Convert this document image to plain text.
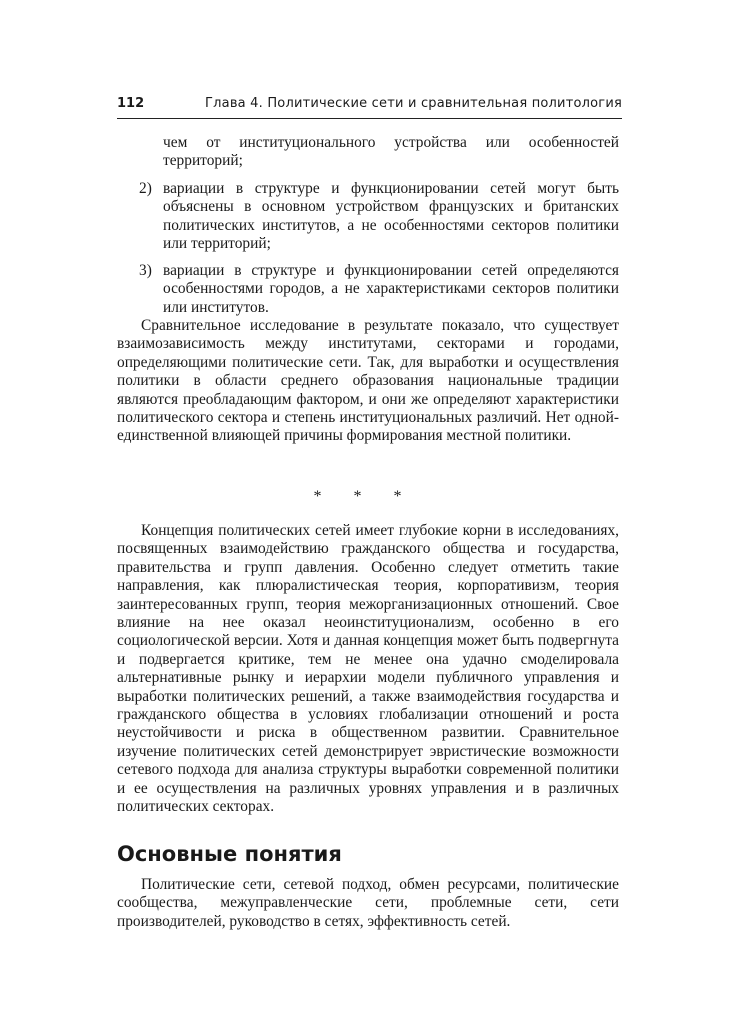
112	Глава 4. Политические сети и сравнительная политология
чем от институционального устройства или особенностей территорий;
2) вариации в структуре и функционировании сетей могут быть объяснены в основном устройством французских и британских политических институтов, а не особенностями секторов политики или территорий;
3) вариации в структуре и функционировании сетей определяются особенностями городов, а не характеристиками секторов политики или институтов.
Сравнительное исследование в результате показало, что существует взаимозависимость между институтами, секторами и городами, определяющими политические сети. Так, для выработки и осуществления политики в области среднего образования национальные традиции являются преобладающим фактором, и они же определяют характеристики политического сектора и степень институциональных различий. Нет одной-единственной влияющей причины формирования местной политики.
* * *
Концепция политических сетей имеет глубокие корни в исследованиях, посвященных взаимодействию гражданского общества и государства, правительства и групп давления. Особенно следует отметить такие направления, как плюралистическая теория, корпоративизм, теория заинтересованных групп, теория межорганизационных отношений. Свое влияние на нее оказал неоинституционализм, особенно в его социологической версии. Хотя и данная концепция может быть подвергнута и подвергается критике, тем не менее она удачно смоделировала альтернативные рынку и иерархии модели публичного управления и выработки политических решений, а также взаимодействия государства и гражданского общества в условиях глобализации отношений и роста неустойчивости и риска в общественном развитии. Сравнительное изучение политических сетей демонстрирует эвристические возможности сетевого подхода для анализа структуры выработки современной политики и ее осуществления на различных уровнях управления и в различных политических секторах.
Основные понятия
Политические сети, сетевой подход, обмен ресурсами, политические сообщества, межуправленческие сети, проблемные сети, сети производителей, руководство в сетях, эффективность сетей.
